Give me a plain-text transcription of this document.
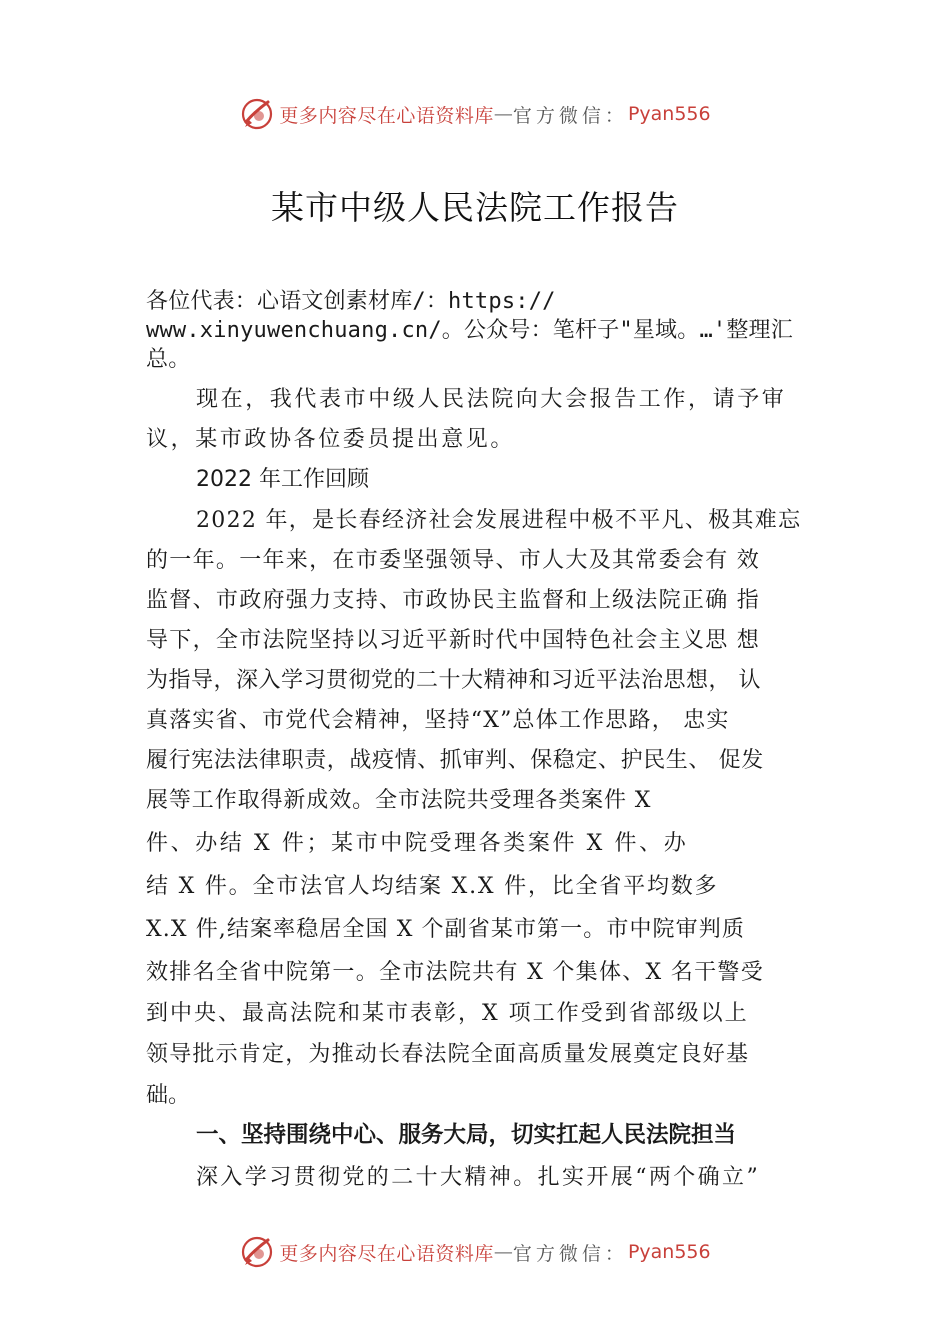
更多内容尽在心语资料库 — 官方微信： Pyan556
某市中级人民法院工作报告
各位代表：心语文创素材库/：https://
www.xinyuwenchuang.cn/。公众号：笔杆子"星域。…'整理汇
总。
现在，我代表市中级人民法院向大会报告工作，请予审
议，某市政协各位委员提出意见。
2022 年工作回顾
2022 年，是长春经济社会发展进程中极不平凡、极其难忘
的一年。一年来，在市委坚强领导、市人大及其常委会有 效
监督、市政府强力支持、市政协民主监督和上级法院正确 指
导下，全市法院坚持以习近平新时代中国特色社会主义思 想
为指导，深入学习贯彻党的二十大精神和习近平法治思想， 认
真落实省、市党代会精神，坚持“X”总体工作思路， 忠实
履行宪法法律职责，战疫情、抓审判、保稳定、护民生、 促发
展等工作取得新成效。全市法院共受理各类案件 X
件、办结 X 件；某市中院受理各类案件 X 件、办
结 X 件。全市法官人均结案 X.X 件，比全省平均数多
X.X 件,结案率稳居全国 X 个副省某市第一。市中院审判质
效排名全省中院第一。全市法院共有 X 个集体、X 名干警受
到中央、最高法院和某市表彰，X 项工作受到省部级以上
领导批示肯定，为推动长春法院全面高质量发展奠定良好基
础。
一、坚持围绕中心、服务大局，切实扛起人民法院担当
深入学习贯彻党的二十大精神。扎实开展“两个确立”
更多内容尽在心语资料库 — 官方微信： Pyan556
